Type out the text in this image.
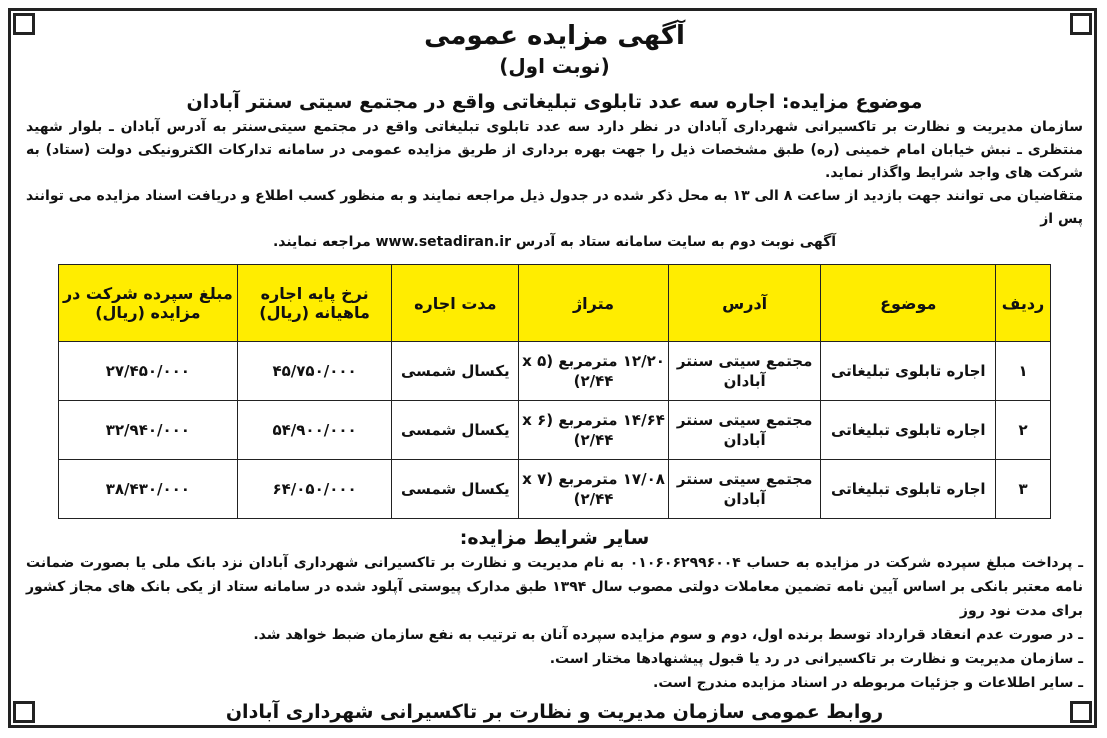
آگهی مزایده عمومی
(نوبت اول)
موضوع مزایده: اجاره سه عدد تابلوی تبلیغاتی واقع در مجتمع سیتی سنتر آبادان
سازمان مدیریت و نظارت بر تاکسیرانی شهرداری آبادان در نظر دارد سه عدد تابلوی تبلیغاتی واقع در مجتمع سیتی‌سنتر به آدرس آبادان ـ بلوار شهید منتظری ـ نبش خیابان امام خمینی (ره) طبق مشخصات ذیل را جهت بهره برداری از طریق مزایده عمومی در سامانه تدارکات الکترونیکی دولت (ستاد) به شرکت های واجد شرایط واگذار نماید.
متقاضیان می توانند جهت بازدید از ساعت ۸ الی ۱۳ به محل ذکر شده در جدول ذیل مراجعه نمایند و به منظور کسب اطلاع و دریافت اسناد مزایده می توانند پس از
آگهی نوبت دوم به سایت سامانه ستاد به آدرس www.setadiran.ir مراجعه نمایند.
ردیف	موضوع	آدرس	متراژ	مدت اجاره	نرخ پایه اجاره ماهیانه (ریال)	مبلغ سپرده شرکت در مزایده (ریال)
۱	اجاره تابلوی تبلیغاتی	مجتمع سیتی سنتر آبادان	۱۲/۲۰ مترمربع (۵ x ۲/۴۴)	یکسال شمسی	۴۵/۷۵۰/۰۰۰	۲۷/۴۵۰/۰۰۰
۲	اجاره تابلوی تبلیغاتی	مجتمع سیتی سنتر آبادان	۱۴/۶۴ مترمربع (۶ x ۲/۴۴)	یکسال شمسی	۵۴/۹۰۰/۰۰۰	۳۲/۹۴۰/۰۰۰
۳	اجاره تابلوی تبلیغاتی	مجتمع سیتی سنتر آبادان	۱۷/۰۸ مترمربع (۷ x ۲/۴۴)	یکسال شمسی	۶۴/۰۵۰/۰۰۰	۳۸/۴۳۰/۰۰۰
سایر شرایط مزایده:
ـ پرداخت مبلغ سپرده شرکت در مزایده به حساب ۰۱۰۶۰۶۲۹۹۶۰۰۴ به نام مدیریت و نظارت بر تاکسیرانی شهرداری آبادان نزد بانک ملی یا بصورت ضمانت نامه معتبر بانکی بر اساس آیین نامه تضمین معاملات دولتی مصوب سال ۱۳۹۴ طبق مدارک پیوستی آپلود شده در سامانه ستاد از یکی بانک های مجاز کشور برای مدت نود روز
ـ در صورت عدم انعقاد قرارداد توسط برنده اول، دوم و سوم مزایده سپرده آنان به ترتیب به نفع سازمان ضبط خواهد شد.
ـ سازمان مدیریت و نظارت بر تاکسیرانی در رد یا قبول پیشنهادها مختار است.
ـ سایر اطلاعات و جزئیات مربوطه در اسناد مزایده مندرج است.
روابط عمومی سازمان مدیریت و نظارت بر تاکسیرانی شهرداری آبادان
